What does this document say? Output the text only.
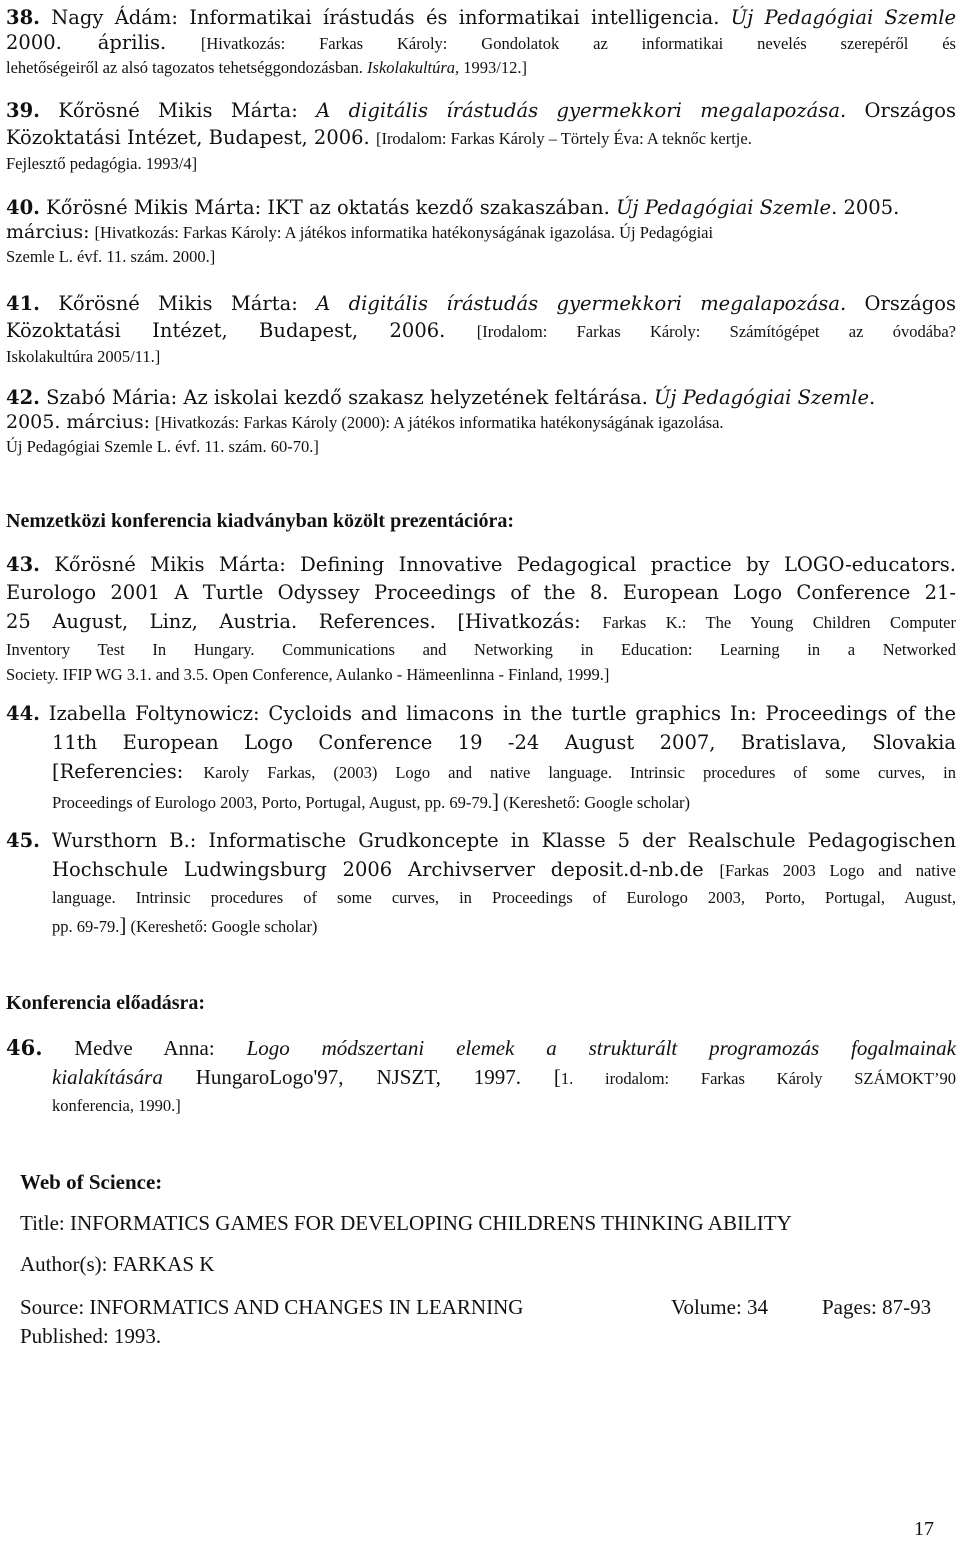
38. Nagy Ádám: Informatikai írástudás és informatikai intelligencia. Új Pedagógiai Szemle
2000. április. [Hivatkozás: Farkas Károly: Gondolatok az informatikai nevelés szerepéről és
lehetőségeiről az alsó tagozatos tehetséggondozásban. Iskolakultúra, 1993/12.]
39. Kőrösné Mikis Márta: A digitális írástudás gyermekkori megalapozása. Országos
Közoktatási Intézet, Budapest, 2006. [Irodalom: Farkas Károly – Törtely Éva: A teknőc kertje.
Fejlesztő pedagógia. 1993/4]
40. Kőrösné Mikis Márta: IKT az oktatás kezdő szakaszában. Új Pedagógiai Szemle. 2005.
március: [Hivatkozás: Farkas Károly: A játékos informatika hatékonyságának igazolása. Új Pedagógiai
Szemle L. évf. 11. szám. 2000.]
41. Kőrösné Mikis Márta: A digitális írástudás gyermekkori megalapozása. Országos
Közoktatási Intézet, Budapest, 2006. [Irodalom: Farkas Károly: Számítógépet az óvodába?
Iskolakultúra 2005/11.]
42. Szabó Mária: Az iskolai kezdő szakasz helyzetének feltárása. Új Pedagógiai Szemle.
2005. március: [Hivatkozás: Farkas Károly (2000): A játékos informatika hatékonyságának igazolása.
Új Pedagógiai Szemle L. évf. 11. szám. 60-70.]
Nemzetközi konferencia kiadványban közölt prezentációra:
43. Kőrösné Mikis Márta: Defining Innovative Pedagogical practice by LOGO-educators.
Eurologo 2001 A Turtle Odyssey Proceedings of the 8. European Logo Conference 21-
25 August, Linz, Austria. References. [Hivatkozás: Farkas K.: The Young Children Computer
Inventory Test In Hungary. Communications and Networking in Education: Learning in a Networked
Society. IFIP WG 3.1. and 3.5. Open Conference, Aulanko - Hämeenlinna - Finland, 1999.]
44. Izabella Foltynowicz: Cycloids and limacons in the turtle graphics In: Proceedings of the
11th European Logo Conference 19 -24 August 2007, Bratislava, Slovakia
[Referencies: Karoly Farkas, (2003) Logo and native language. Intrinsic procedures of some curves, in
Proceedings of Eurologo 2003, Porto, Portugal, August, pp. 69-79.] (Kereshető: Google scholar)
45. Wursthorn B.: Informatische Grudkoncepte in Klasse 5 der Realschule Pedagogischen
Hochschule Ludwingsburg 2006 Archivserver deposit.d-nb.de [Farkas 2003 Logo and native
language. Intrinsic procedures of some curves, in Proceedings of Eurologo 2003, Porto, Portugal, August,
pp. 69-79.] (Kereshető: Google scholar)
Konferencia előadásra:
46. Medve Anna: Logo módszertani elemek a strukturált programozás fogalmainak
kialakítására HungaroLogo'97, NJSZT, 1997. [1. irodalom: Farkas Károly SZÁMOKT’90
konferencia, 1990.]
Web of Science:
Title: INFORMATICS GAMES FOR DEVELOPING CHILDRENS THINKING ABILITY
Author(s): FARKAS K
Source: INFORMATICS AND CHANGES IN LEARNING	Volume: 34	Pages: 87-93
Published: 1993.
17
